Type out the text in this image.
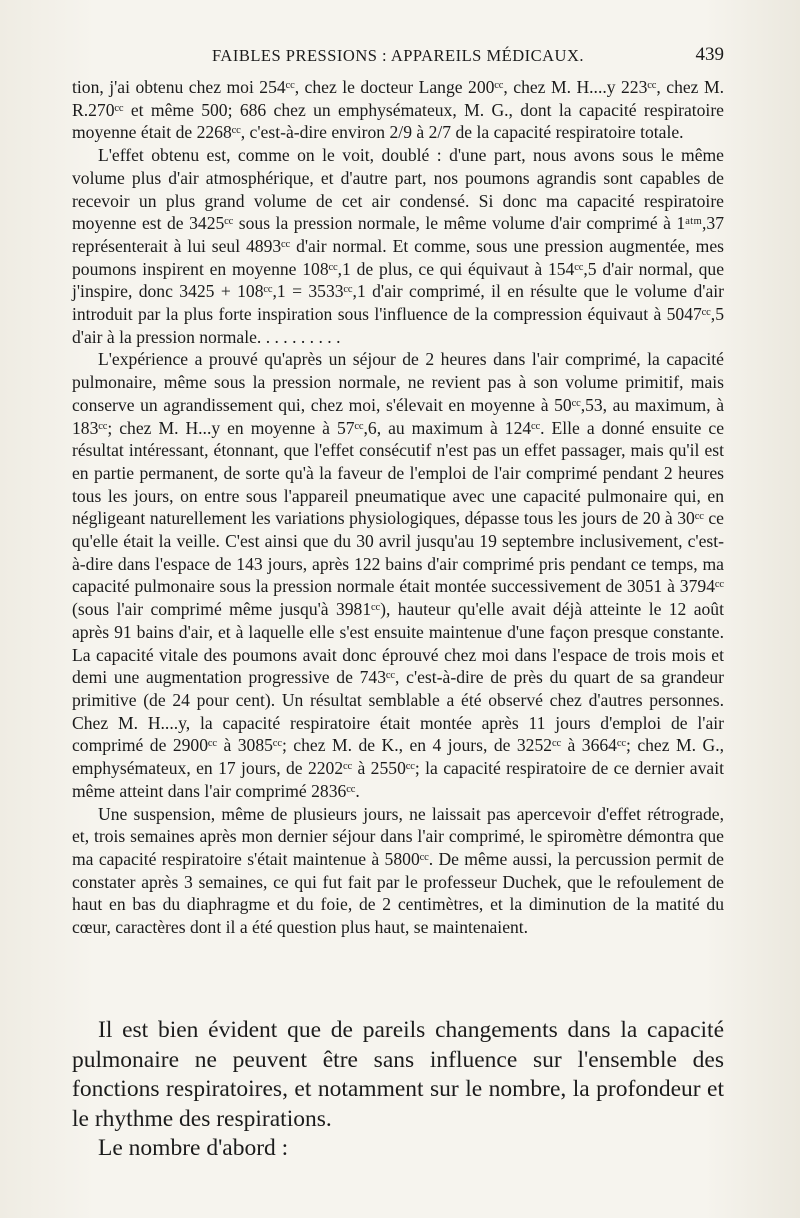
FAIBLES PRESSIONS : APPAREILS MÉDICAUX.	439

tion, j'ai obtenu chez moi 254ᶜᶜ, chez le docteur Lange 200ᶜᶜ, chez M. H....y 223ᶜᶜ, chez M. R.270ᶜᶜ et même 500; 686 chez un emphysémateux, M. G., dont la capacité respiratoire moyenne était de 2268ᶜᶜ, c'est-à-dire environ 2/9 à 2/7 de la capacité respiratoire totale.

L'effet obtenu est, comme on le voit, doublé : d'une part, nous avons sous le même volume plus d'air atmosphérique, et d'autre part, nos poumons agrandis sont capables de recevoir un plus grand volume de cet air condensé. Si donc ma capacité respiratoire moyenne est de 3425ᶜᶜ sous la pression normale, le même volume d'air comprimé à 1ᵃᵗᵐ,37 représenterait à lui seul 4893ᶜᶜ d'air normal. Et comme, sous une pression augmentée, mes poumons inspirent en moyenne 108ᶜᶜ,1 de plus, ce qui équivaut à 154ᶜᶜ,5 d'air normal, que j'inspire, donc 3425 + 108ᶜᶜ,1 = 3533ᶜᶜ,1 d'air comprimé, il en résulte que le volume d'air introduit par la plus forte inspiration sous l'influence de la compression équivaut à 5047ᶜᶜ,5 d'air à la pression normale. . . . . . . . . .

L'expérience a prouvé qu'après un séjour de 2 heures dans l'air comprimé, la capacité pulmonaire, même sous la pression normale, ne revient pas à son volume primitif, mais conserve un agrandissement qui, chez moi, s'élevait en moyenne à 50ᶜᶜ,53, au maximum, à 183ᶜᶜ; chez M. H...y en moyenne à 57ᶜᶜ,6, au maximum à 124ᶜᶜ. Elle a donné ensuite ce résultat intéressant, étonnant, que l'effet consécutif n'est pas un effet passager, mais qu'il est en partie permanent, de sorte qu'à la faveur de l'emploi de l'air comprimé pendant 2 heures tous les jours, on entre sous l'appareil pneumatique avec une capacité pulmonaire qui, en négligeant naturellement les variations physiologiques, dépasse tous les jours de 20 à 30ᶜᶜ ce qu'elle était la veille. C'est ainsi que du 30 avril jusqu'au 19 septembre inclusivement, c'est-à-dire dans l'espace de 143 jours, après 122 bains d'air comprimé pris pendant ce temps, ma capacité pulmonaire sous la pression normale était montée successivement de 3051 à 3794ᶜᶜ (sous l'air comprimé même jusqu'à 3981ᶜᶜ), hauteur qu'elle avait déjà atteinte le 12 août après 91 bains d'air, et à laquelle elle s'est ensuite maintenue d'une façon presque constante. La capacité vitale des poumons avait donc éprouvé chez moi dans l'espace de trois mois et demi une augmentation progressive de 743ᶜᶜ, c'est-à-dire de près du quart de sa grandeur primitive (de 24 pour cent). Un résultat semblable a été observé chez d'autres personnes. Chez M. H....y, la capacité respiratoire était montée après 11 jours d'emploi de l'air comprimé de 2900ᶜᶜ à 3085ᶜᶜ; chez M. de K., en 4 jours, de 3252ᶜᶜ à 3664ᶜᶜ; chez M. G., emphysémateux, en 17 jours, de 2202ᶜᶜ à 2550ᶜᶜ; la capacité respiratoire de ce dernier avait même atteint dans l'air comprimé 2836ᶜᶜ.

Une suspension, même de plusieurs jours, ne laissait pas apercevoir d'effet rétrograde, et, trois semaines après mon dernier séjour dans l'air comprimé, le spiromètre démontra que ma capacité respiratoire s'était maintenue à 5800ᶜᶜ. De même aussi, la percussion permit de constater après 3 semaines, ce qui fut fait par le professeur Duchek, que le refoulement de haut en bas du diaphragme et du foie, de 2 centimètres, et la diminution de la matité du cœur, caractères dont il a été question plus haut, se maintenaient.

Il est bien évident que de pareils changements dans la capacité pulmonaire ne peuvent être sans influence sur l'ensemble des fonctions respiratoires, et notamment sur le nombre, la profondeur et le rhythme des respirations.

Le nombre d'abord :
